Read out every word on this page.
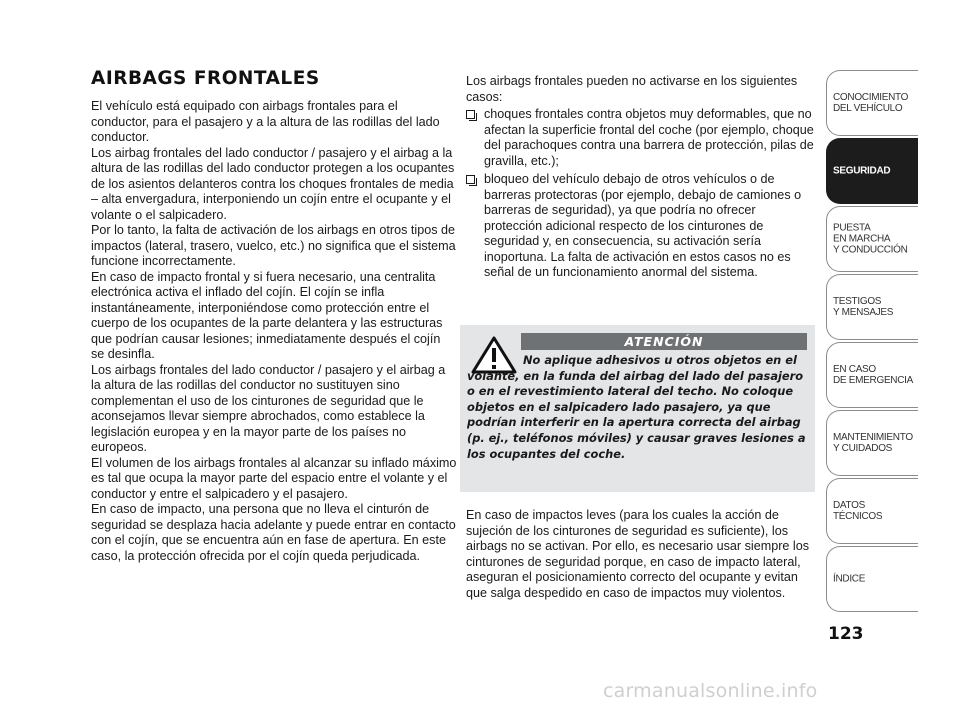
AIRBAGS FRONTALES

El vehículo está equipado con airbags frontales para el conductor, para el pasajero y a la altura de las rodillas del lado conductor.
Los airbag frontales del lado conductor / pasajero y el airbag a la altura de las rodillas del lado conductor protegen a los ocupantes de los asientos delanteros contra los choques frontales de media – alta envergadura, interponiendo un cojín entre el ocupante y el volante o el salpicadero.
Por lo tanto, la falta de activación de los airbags en otros tipos de impactos (lateral, trasero, vuelco, etc.) no significa que el sistema funcione incorrectamente.
En caso de impacto frontal y si fuera necesario, una centralita electrónica activa el inflado del cojín. El cojín se infla instantáneamente, interponiéndose como protección entre el cuerpo de los ocupantes de la parte delantera y las estructuras que podrían causar lesiones; inmediatamente después el cojín se desinfla.
Los airbags frontales del lado conductor / pasajero y el airbag a la altura de las rodillas del conductor no sustituyen sino complementan el uso de los cinturones de seguridad que le aconsejamos llevar siempre abrochados, como establece la legislación europea y en la mayor parte de los países no europeos.
El volumen de los airbags frontales al alcanzar su inflado máximo es tal que ocupa la mayor parte del espacio entre el volante y el conductor y entre el salpicadero y el pasajero.
En caso de impacto, una persona que no lleva el cinturón de seguridad se desplaza hacia adelante y puede entrar en contacto con el cojín, que se encuentra aún en fase de apertura. En este caso, la protección ofrecida por el cojín queda perjudicada.

Los airbags frontales pueden no activarse en los siguientes casos:

choques frontales contra objetos muy deformables, que no afectan la superficie frontal del coche (por ejemplo, choque del parachoques contra una barrera de protección, pilas de gravilla, etc.);
bloqueo del vehículo debajo de otros vehículos o de barreras protectoras (por ejemplo, debajo de camiones o barreras de seguridad), ya que podría no ofrecer protección adicional respecto de los cinturones de seguridad y, en consecuencia, su activación sería inoportuna. La falta de activación en estos casos no es señal de un funcionamiento anormal del sistema.
ATENCIÓN

No aplique adhesivos u otros objetos en el volante, en la funda del airbag del lado del pasajero o en el revestimiento lateral del techo. No coloque objetos en el salpicadero lado pasajero, ya que podrían interferir en la apertura correcta del airbag (p. ej., teléfonos móviles) y causar graves lesiones a los ocupantes del coche.

En caso de impactos leves (para los cuales la acción de sujeción de los cinturones de seguridad es suficiente), los airbags no se activan. Por ello, es necesario usar siempre los cinturones de seguridad porque, en caso de impacto lateral, aseguran el posicionamiento correcto del ocupante y evitan que salga despedido en caso de impactos muy violentos.

CONOCIMIENTO
DEL VEHÍCULO
SEGURIDAD
PUESTA
EN MARCHA
Y CONDUCCIÓN
TESTIGOS
Y MENSAJES
EN CASO
DE EMERGENCIA
MANTENIMIENTO
Y CUIDADOS
DATOS TÉCNICOS
ÍNDICE
123
carmanualsonline.info
